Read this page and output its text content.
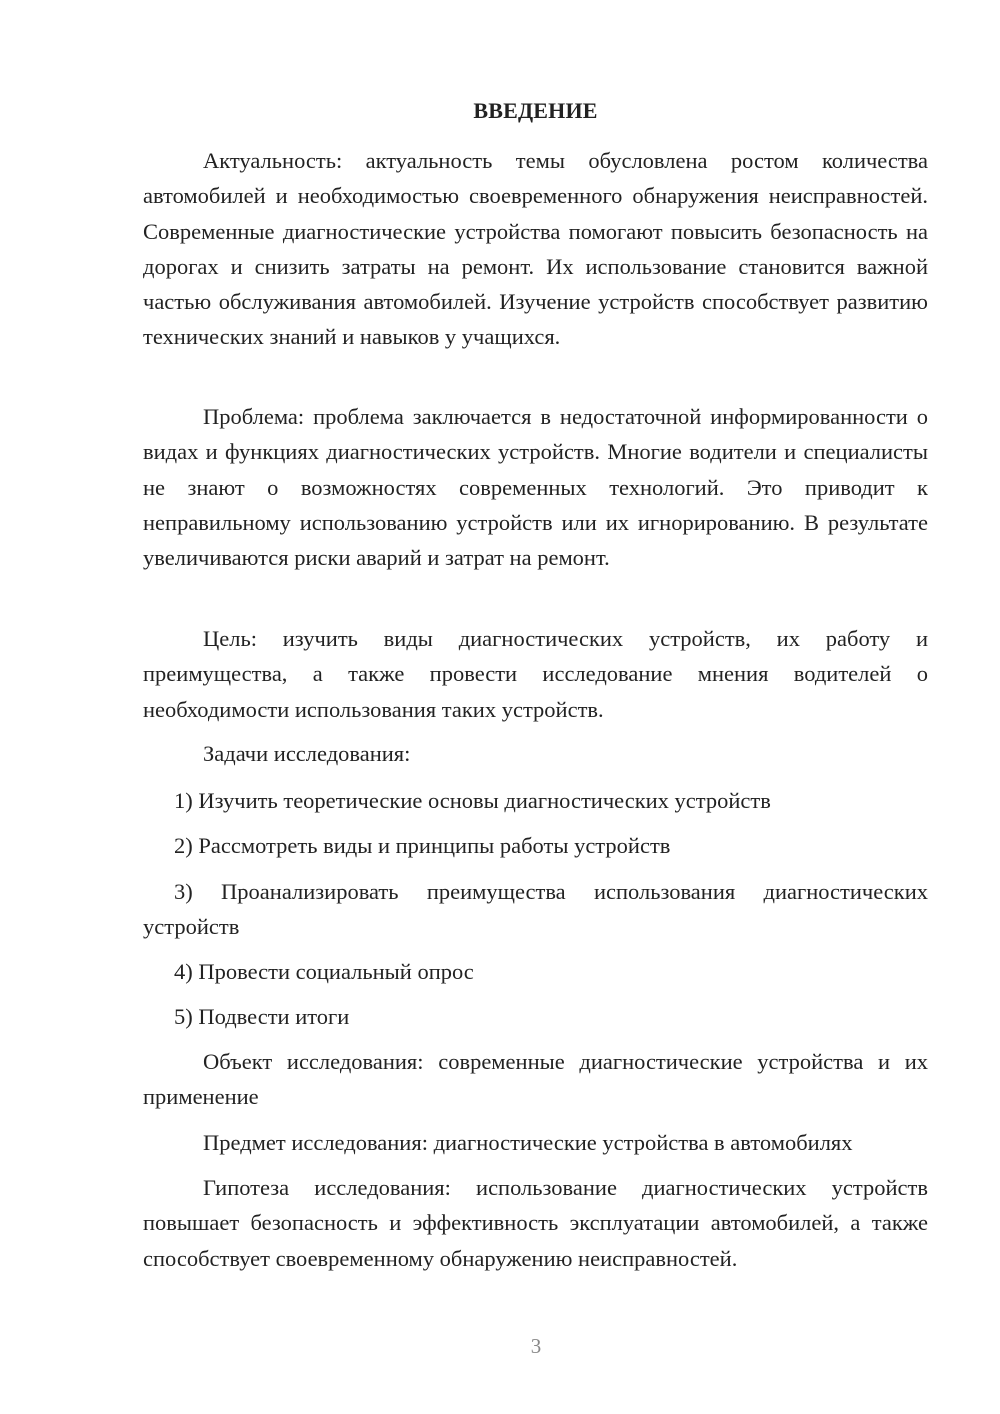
ВВЕДЕНИЕ

Актуальность: актуальность темы обусловлена ростом количества автомобилей и необходимостью своевременного обнаружения неисправностей. Современные диагностические устройства помогают повысить безопасность на дорогах и снизить затраты на ремонт. Их использование становится важной частью обслуживания автомобилей. Изучение устройств способствует развитию технических знаний и навыков у учащихся.

Проблема: проблема заключается в недостаточной информированности о видах и функциях диагностических устройств. Многие водители и специалисты не знают о возможностях современных технологий. Это приводит к неправильному использованию устройств или их игнорированию. В результате увеличиваются риски аварий и затрат на ремонт.

Цель: изучить виды диагностических устройств, их работу и преимущества, а также провести исследование мнения водителей о необходимости использования таких устройств.

Задачи исследования:

1) Изучить теоретические основы диагностических устройств

2) Рассмотреть виды и принципы работы устройств

3) Проанализировать преимущества использования диагностических устройств

4) Провести социальный опрос

5) Подвести итоги

Объект исследования: современные диагностические устройства и их применение

Предмет исследования: диагностические устройства в автомобилях

Гипотеза исследования: использование диагностических устройств повышает безопасность и эффективность эксплуатации автомобилей, а также способствует своевременному обнаружению неисправностей.

3
